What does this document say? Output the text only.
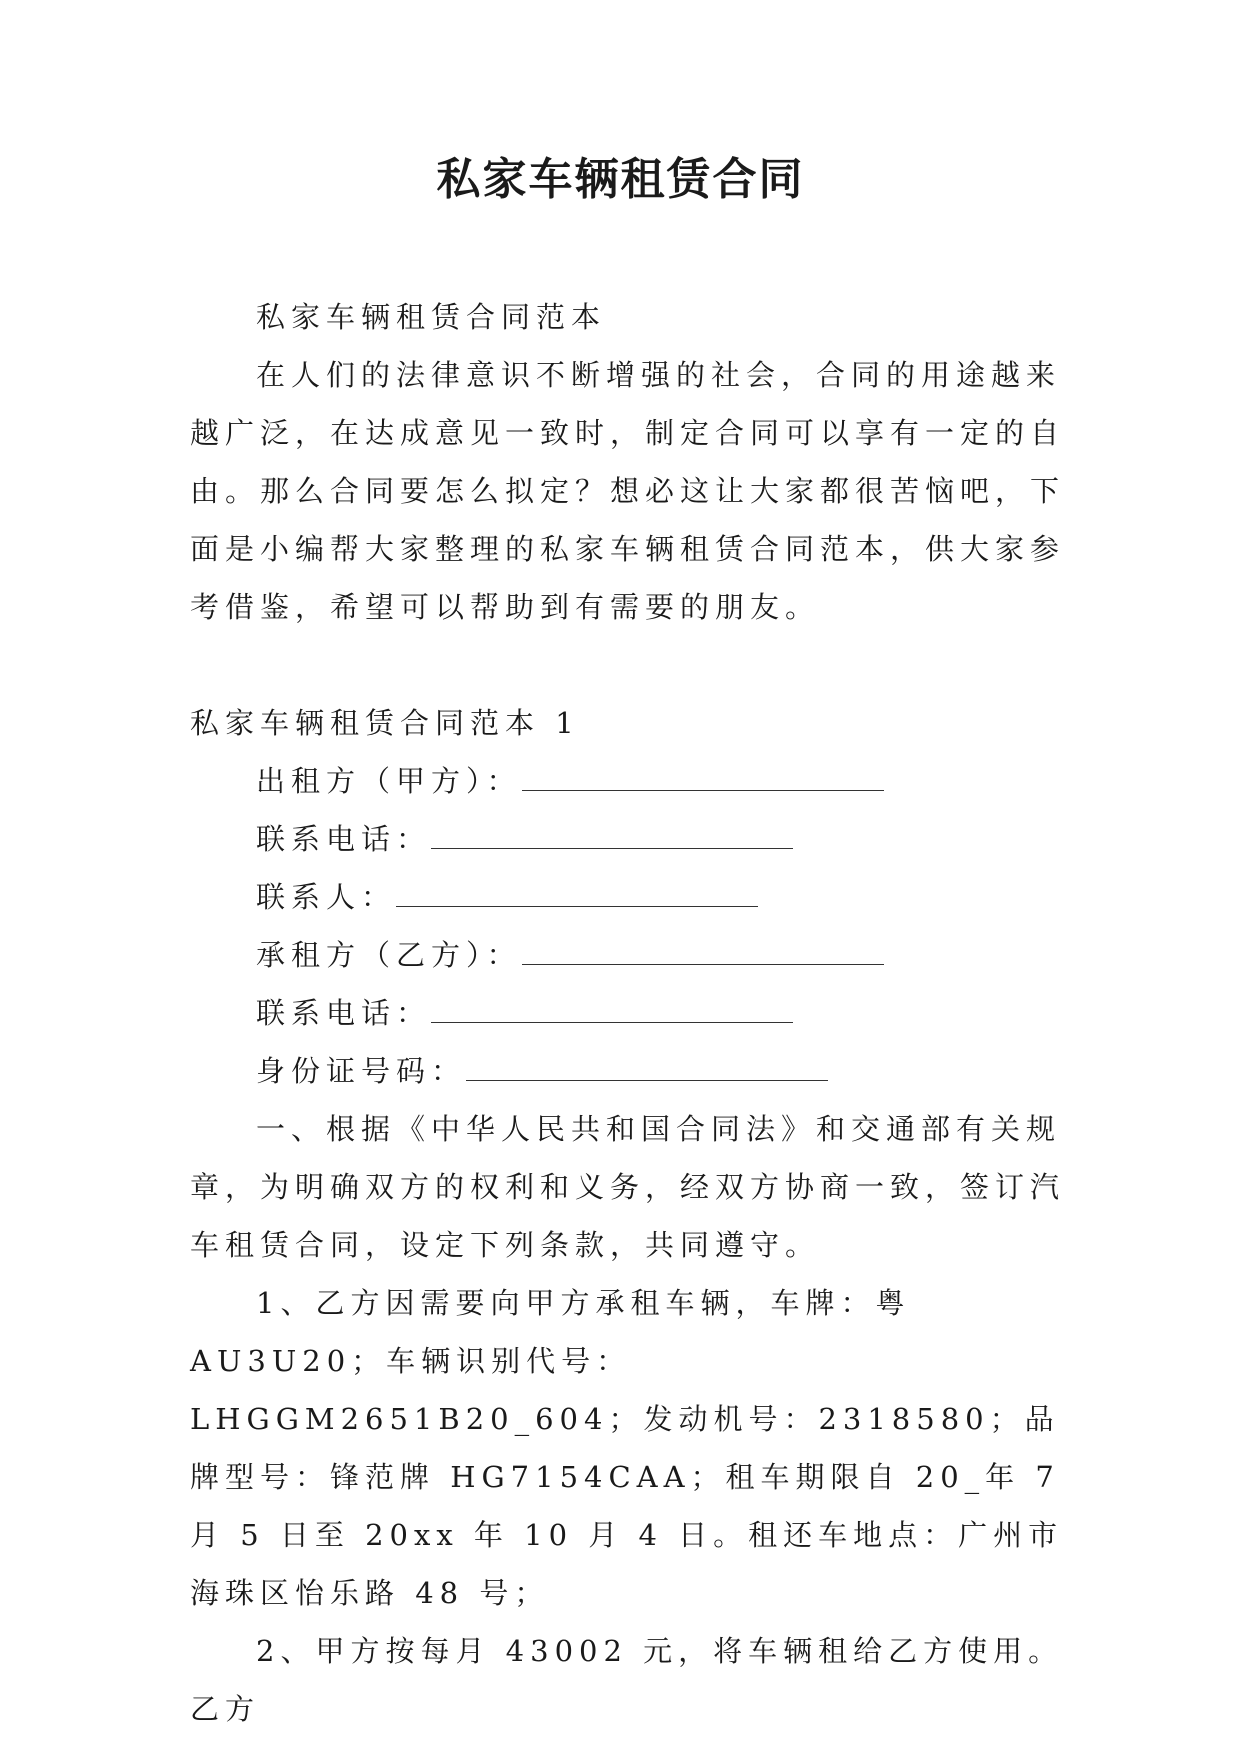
私家车辆租赁合同

私家车辆租赁合同范本

在人们的法律意识不断增强的社会，合同的用途越来越广泛，在达成意见一致时，制定合同可以享有一定的自由。那么合同要怎么拟定？想必这让大家都很苦恼吧，下面是小编帮大家整理的私家车辆租赁合同范本，供大家参考借鉴，希望可以帮助到有需要的朋友。

私家车辆租赁合同范本 1

出租方（甲方）：
联系电话：
联系人：
承租方（乙方）：
联系电话：
身份证号码：

一、根据《中华人民共和国合同法》和交通部有关规章，为明确双方的权利和义务，经双方协商一致，签订汽车租赁合同，设定下列条款，共同遵守。

1、乙方因需要向甲方承租车辆，车牌：粤 AU3U20；车辆识别代号：LHGGM2651B20_604；发动机号：2318580；品牌型号：锋范牌 HG7154CAA；租车期限自 20_年 7 月 5 日至 20xx 年 10 月 4 日。租还车地点：广州市海珠区怡乐路 48 号；

2、甲方按每月 43002 元，将车辆租给乙方使用。乙方
